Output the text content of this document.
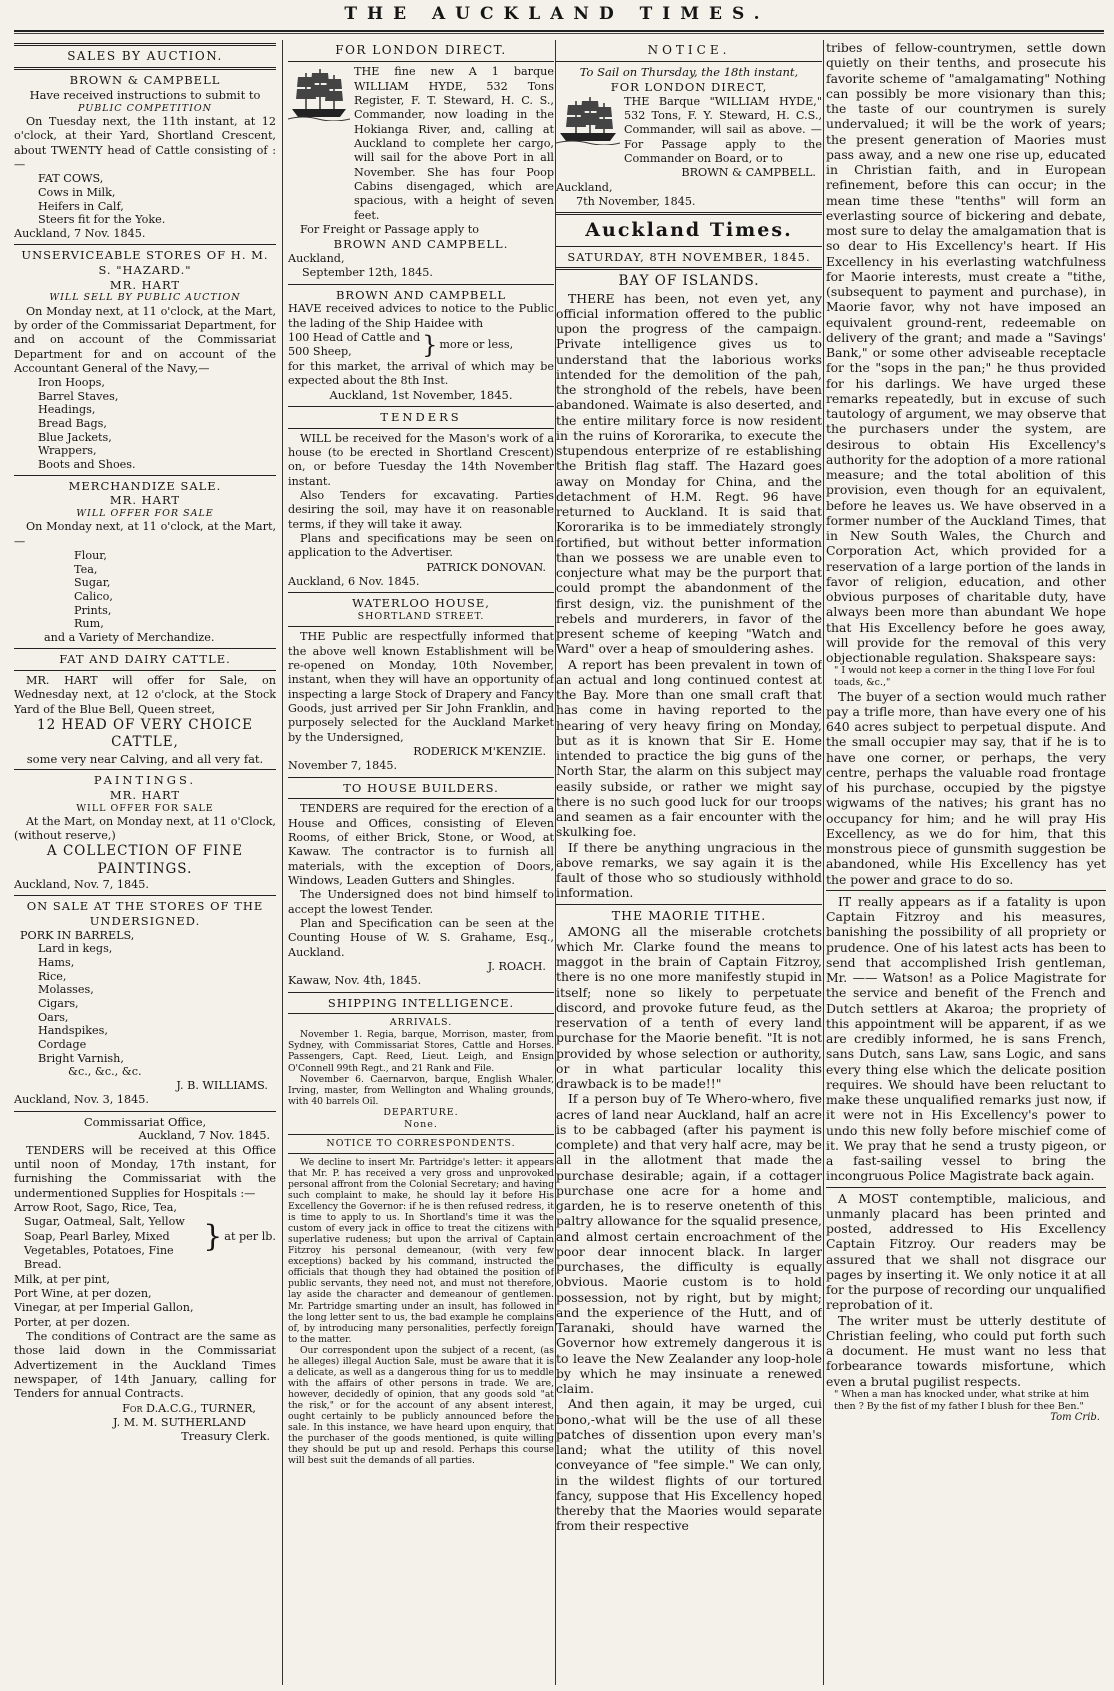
THE AUCKLAND TIMES.
SALES BY AUCTION.
BROWN & CAMPBELL
Have received instructions to submit to
PUBLIC COMPETITION

On Tuesday next, the 11th instant, at 12 o'clock, at their Yard, Shortland Crescent, about TWENTY head of Cattle consisting of :—

FAT COWS,
Cows in Milk,
Heifers in Calf,
Steers fit for the Yoke.
Auckland, 7 Nov. 1845.
UNSERVICEABLE STORES OF H. M. S. "HAZARD."
MR. HART
WILL SELL BY PUBLIC AUCTION

On Monday next, at 11 o'clock, at the Mart, by order of the Commissariat Department, for and on account of the Commissariat Department for and on account of the Accountant General of the Navy,—

Iron Hoops,
Barrel Staves,
Headings,
Bread Bags,
Blue Jackets,
Wrappers,
Boots and Shoes.
MERCHANDIZE SALE.
MR. HART
WILL OFFER FOR SALE

On Monday next, at 11 o'clock, at the Mart,—

Flour,
Tea,
Sugar,
Calico,
Prints,
Rum,
and a Variety of Merchandize.
FAT AND DAIRY CATTLE.

MR. HART will offer for Sale, on Wednesday next, at 12 o'clock, at the Stock Yard of the Blue Bell, Queen street,

12 HEAD OF VERY CHOICE CATTLE,
some very near Calving, and all very fat.
PAINTINGS.
MR. HART
WILL OFFER FOR SALE

At the Mart, on Monday next, at 11 o'Clock, (without reserve,)

A COLLECTION OF FINE PAINTINGS.
Auckland, Nov. 7, 1845.
ON SALE AT THE STORES OF THE UNDERSIGNED.
PORK IN BARRELS,
Lard in kegs,
Hams,
Rice,
Molasses,
Cigars,
Oars,
Handspikes,
Cordage
Bright Varnish,
&c., &c., &c.
J. B. WILLIAMS.
Auckland, Nov. 3, 1845.
Commissariat Office,
Auckland, 7 Nov. 1845.

TENDERS will be received at this Office until noon of Monday, 17th instant, for furnishing the Commissariat with the undermentioned Supplies for Hospitals :—

Arrow Root, Sago, Rice, Tea,
Sugar, Oatmeal, Salt, Yellow
Soap, Pearl Barley, Mixed
Vegetables, Potatoes, Fine
Bread.
} at per lb.
Milk, at per pint,
Port Wine, at per dozen,
Vinegar, at per Imperial Gallon,
Porter, at per dozen.

The conditions of Contract are the same as those laid down in the Commissariat Advertizement in the Auckland Times newspaper, of 14th January, calling for Tenders for annual Contracts.

For D.A.C.G., TURNER,
J. M. M. SUTHERLAND
Treasury Clerk.
FOR LONDON DIRECT.

THE fine new A 1 barque WILLIAM HYDE, 532 Tons Register, F. T. Steward, H. C. S., Commander, now loading in the Hokianga River, and, calling at Auckland to complete her cargo, will sail for the above Port in all November. She has four Poop Cabins disengaged, which are spacious, with a height of seven feet.

For Freight or Passage apply to
BROWN AND CAMPBELL.
Auckland,
September 12th, 1845.
BROWN AND CAMPBELL

HAVE received advices to notice to the Public the lading of the Ship Haidee with

100 Head of Cattle and
500 Sheep,	} more or less,

for this market, the arrival of which may be expected about the 8th Inst.

Auckland, 1st November, 1845.
TENDERS

WILL be received for the Mason's work of a house (to be erected in Shortland Crescent) on, or before Tuesday the 14th November instant.

Also Tenders for excavating. Parties desiring the soil, may have it on reasonable terms, if they will take it away.

Plans and specifications may be seen on application to the Advertiser.

PATRICK DONOVAN.
Auckland, 6 Nov. 1845.
WATERLOO HOUSE,
SHORTLAND STREET.

THE Public are respectfully informed that the above well known Establishment will be re-opened on Monday, 10th November, instant, when they will have an opportunity of inspecting a large Stock of Drapery and Fancy Goods, just arrived per Sir John Franklin, and purposely selected for the Auckland Market by the Undersigned,

RODERICK M'KENZIE.
November 7, 1845.
TO HOUSE BUILDERS.

TENDERS are required for the erection of a House and Offices, consisting of Eleven Rooms, of either Brick, Stone, or Wood, at Kawaw. The contractor is to furnish all materials, with the exception of Doors, Windows, Leaden Gutters and Shingles.

The Undersigned does not bind himself to accept the lowest Tender.

Plan and Specification can be seen at the Counting House of W. S. Grahame, Esq., Auckland.

J. ROACH.
Kawaw, Nov. 4th, 1845.
SHIPPING INTELLIGENCE.
ARRIVALS.

November 1. Regia, barque, Morrison, master, from Sydney, with Commissariat Stores, Cattle and Horses. Passengers, Capt. Reed, Lieut. Leigh, and Ensign O'Connell 99th Regt., and 21 Rank and File.

November 6. Caernarvon, barque, English Whaler, Irving, master, from Wellington and Whaling grounds, with 40 barrels Oil.

DEPARTURE.
None.
NOTICE TO CORRESPONDENTS.

We decline to insert Mr. Partridge's letter: it appears that Mr. P. has received a very gross and unprovoked personal affront from the Colonial Secretary; and having such complaint to make, he should lay it before His Excellency the Governor: if he is then refused redress, it is time to apply to us. In Shortland's time it was the custom of every jack in office to treat the citizens with superlative rudeness; but upon the arrival of Captain Fitzroy his personal demeanour, (with very few exceptions) backed by his command, instructed the officials that though they had obtained the position of public servants, they need not, and must not therefore, lay aside the character and demeanour of gentlemen. Mr. Partridge smarting under an insult, has followed in the long letter sent to us, the bad example he complains of, by introducing many personalities, perfectly foreign to the matter.

Our correspondent upon the subject of a recent, (as he alleges) illegal Auction Sale, must be aware that it is a delicate, as well as a dangerous thing for us to meddle with the affairs of other persons in trade. We are, however, decidedly of opinion, that any goods sold "at the risk," or for the account of any absent interest, ought certainly to be publicly announced before the sale. In this instance, we have heard upon enquiry, that the purchaser of the goods mentioned, is quite willing they should be put up and resold. Perhaps this course will best suit the demands of all parties.

NOTICE.
To Sail on Thursday, the 18th instant,
FOR LONDON DIRECT,

THE Barque "WILLIAM HYDE," 532 Tons, F. Y. Steward, H. C.S., Commander, will sail as above. — For Passage apply to the Commander on Board, or to

BROWN & CAMPBELL.
Auckland,
7th November, 1845.
Auckland Times.
SATURDAY, 8TH NOVEMBER, 1845.
BAY OF ISLANDS.

THERE has been, not even yet, any official information offered to the public upon the progress of the campaign. Private intelligence gives us to understand that the laborious works intended for the demolition of the pah, the stronghold of the rebels, have been abandoned. Waimate is also deserted, and the entire military force is now resident in the ruins of Kororarika, to execute the stupendous enterprize of re establishing the British flag staff. The Hazard goes away on Monday for China, and the detachment of H.M. Regt. 96 have returned to Auckland. It is said that Kororarika is to be immediately strongly fortified, but without better information than we possess we are unable even to conjecture what may be the purport that could prompt the abandonment of the first design, viz. the punishment of the rebels and murderers, in favor of the present scheme of keeping "Watch and Ward" over a heap of smouldering ashes.

A report has been prevalent in town of an actual and long continued contest at the Bay. More than one small craft that has come in having reported to the hearing of very heavy firing on Monday, but as it is known that Sir E. Home intended to practice the big guns of the North Star, the alarm on this subject may easily subside, or rather we might say there is no such good luck for our troops and seamen as a fair encounter with the skulking foe.

If there be anything ungracious in the above remarks, we say again it is the fault of those who so studiously withhold information.

THE MAORIE TITHE.

AMONG all the miserable crotchets which Mr. Clarke found the means to maggot in the brain of Captain Fitzroy, there is no one more manifestly stupid in itself; none so likely to perpetuate discord, and provoke future feud, as the reservation of a tenth of every land purchase for the Maorie benefit. "It is not provided by whose selection or authority, or in what particular locality this drawback is to be made!!"

If a person buy of Te Whero-whero, five acres of land near Auckland, half an acre is to be cabbaged (after his payment is complete) and that very half acre, may be all in the allotment that made the purchase desirable; again, if a cottager purchase one acre for a home and garden, he is to reserve onetenth of this paltry allowance for the squalid presence, and almost certain encroachment of the poor dear innocent black. In larger purchases, the difficulty is equally obvious. Maorie custom is to hold possession, not by right, but by might; and the experience of the Hutt, and of Taranaki, should have warned the Governor how extremely dangerous it is to leave the New Zealander any loop-hole by which he may insinuate a renewed claim.

And then again, it may be urged, cui bono,-what will be the use of all these patches of dissention upon every man's land; what the utility of this novel conveyance of "fee simple." We can only, in the wildest flights of our tortured fancy, suppose that His Excellency hoped thereby that the Maories would separate from their respective

tribes of fellow-countrymen, settle down quietly on their tenths, and prosecute his favorite scheme of "amalgamating" Nothing can possibly be more visionary than this; the taste of our countrymen is surely undervalued; it will be the work of years; the present generation of Maories must pass away, and a new one rise up, educated in Christian faith, and in European refinement, before this can occur; in the mean time these "tenths" will form an everlasting source of bickering and debate, most sure to delay the amalgamation that is so dear to His Excellency's heart. If His Excellency in his everlasting watchfulness for Maorie interests, must create a "tithe, (subsequent to payment and purchase), in Maorie favor, why not have imposed an equivalent ground-rent, redeemable on delivery of the grant; and made a "Savings' Bank," or some other adviseable receptacle for the "sops in the pan;" he thus provided for his darlings. We have urged these remarks repeatedly, but in excuse of such tautology of argument, we may observe that the purchasers under the system, are desirous to obtain His Excellency's authority for the adoption of a more rational measure; and the total abolition of this provision, even though for an equivalent, before he leaves us. We have observed in a former number of the Auckland Times, that in New South Wales, the Church and Corporation Act, which provided for a reservation of a large portion of the lands in favor of religion, education, and other obvious purposes of charitable duty, have always been more than abundant We hope that His Excellency before he goes away, will provide for the removal of this very objectionable regulation. Shakspeare says:

" I would not keep a corner in the thing I love For foul toads, &c.,"

The buyer of a section would much rather pay a trifle more, than have every one of his 640 acres subject to perpetual dispute. And the small occupier may say, that if he is to have one corner, or perhaps, the very centre, perhaps the valuable road frontage of his purchase, occupied by the pigstye wigwams of the natives; his grant has no occupancy for him; and he will pray His Excellency, as we do for him, that this monstrous piece of gunsmith suggestion be abandoned, while His Excellency has yet the power and grace to do so.

IT really appears as if a fatality is upon Captain Fitzroy and his measures, banishing the possibility of all propriety or prudence. One of his latest acts has been to send that accomplished Irish gentleman, Mr. —— Watson! as a Police Magistrate for the service and benefit of the French and Dutch settlers at Akaroa; the propriety of this appointment will be apparent, if as we are credibly informed, he is sans French, sans Dutch, sans Law, sans Logic, and sans every thing else which the delicate position requires. We should have been reluctant to make these unqualified remarks just now, if it were not in His Excellency's power to undo this new folly before mischief come of it. We pray that he send a trusty pigeon, or a fast-sailing vessel to bring the incongruous Police Magistrate back again.

A MOST contemptible, malicious, and unmanly placard has been printed and posted, addressed to His Excellency Captain Fitzroy. Our readers may be assured that we shall not disgrace our pages by inserting it. We only notice it at all for the purpose of recording our unqualified reprobation of it.

The writer must be utterly destitute of Christian feeling, who could put forth such a document. He must want no less that forbearance towards misfortune, which even a brutal pugilist respects.

" When a man has knocked under, what strike at him then ? By the fist of my father I blush for thee Ben."
Tom Crib.
